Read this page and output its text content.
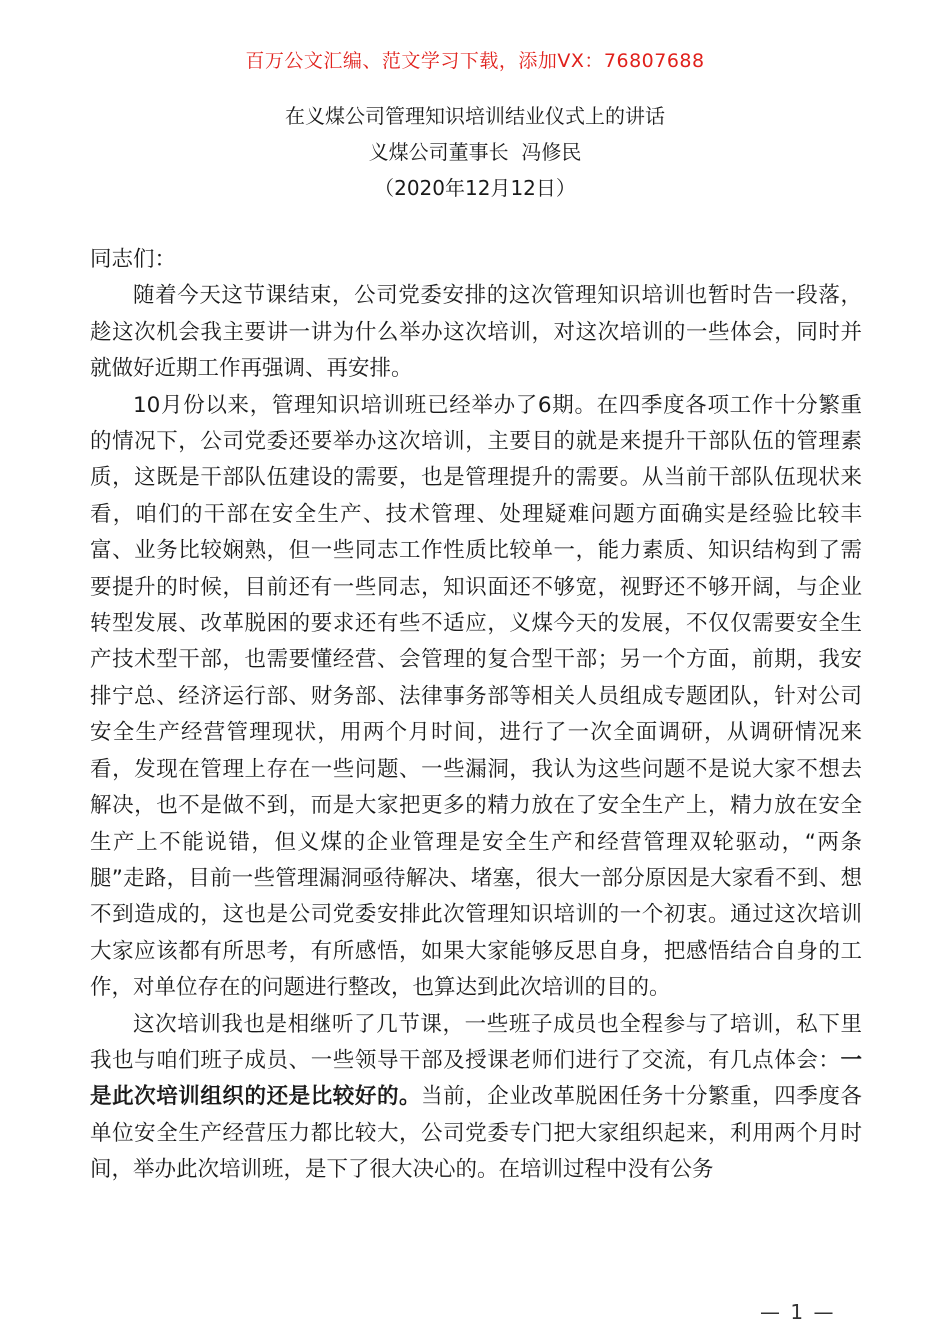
百万公文汇编、范文学习下载，添加VX：76807688
在义煤公司管理知识培训结业仪式上的讲话
义煤公司董事长  冯修民
（2020年12月12日）

同志们：

随着今天这节课结束，公司党委安排的这次管理知识培训也暂时告一段落，趁这次机会我主要讲一讲为什么举办这次培训，对这次培训的一些体会，同时并就做好近期工作再强调、再安排。

10月份以来，管理知识培训班已经举办了6期。在四季度各项工作十分繁重的情况下，公司党委还要举办这次培训，主要目的就是来提升干部队伍的管理素质，这既是干部队伍建设的需要，也是管理提升的需要。从当前干部队伍现状来看，咱们的干部在安全生产、技术管理、处理疑难问题方面确实是经验比较丰富、业务比较娴熟，但一些同志工作性质比较单一，能力素质、知识结构到了需要提升的时候，目前还有一些同志，知识面还不够宽，视野还不够开阔，与企业转型发展、改革脱困的要求还有些不适应，义煤今天的发展，不仅仅需要安全生产技术型干部，也需要懂经营、会管理的复合型干部；另一个方面，前期，我安排宁总、经济运行部、财务部、法律事务部等相关人员组成专题团队，针对公司安全生产经营管理现状，用两个月时间，进行了一次全面调研，从调研情况来看，发现在管理上存在一些问题、一些漏洞，我认为这些问题不是说大家不想去解决，也不是做不到，而是大家把更多的精力放在了安全生产上，精力放在安全生产上不能说错，但义煤的企业管理是安全生产和经营管理双轮驱动，“两条腿”走路，目前一些管理漏洞亟待解决、堵塞，很大一部分原因是大家看不到、想不到造成的，这也是公司党委安排此次管理知识培训的一个初衷。通过这次培训大家应该都有所思考，有所感悟，如果大家能够反思自身，把感悟结合自身的工作，对单位存在的问题进行整改，也算达到此次培训的目的。

这次培训我也是相继听了几节课，一些班子成员也全程参与了培训，私下里我也与咱们班子成员、一些领导干部及授课老师们进行了交流，有几点体会：一是此次培训组织的还是比较好的。当前，企业改革脱困任务十分繁重，四季度各单位安全生产经营压力都比较大，公司党委专门把大家组织起来，利用两个月时间，举办此次培训班，是下了很大决心的。在培训过程中没有公务

— 1 —
